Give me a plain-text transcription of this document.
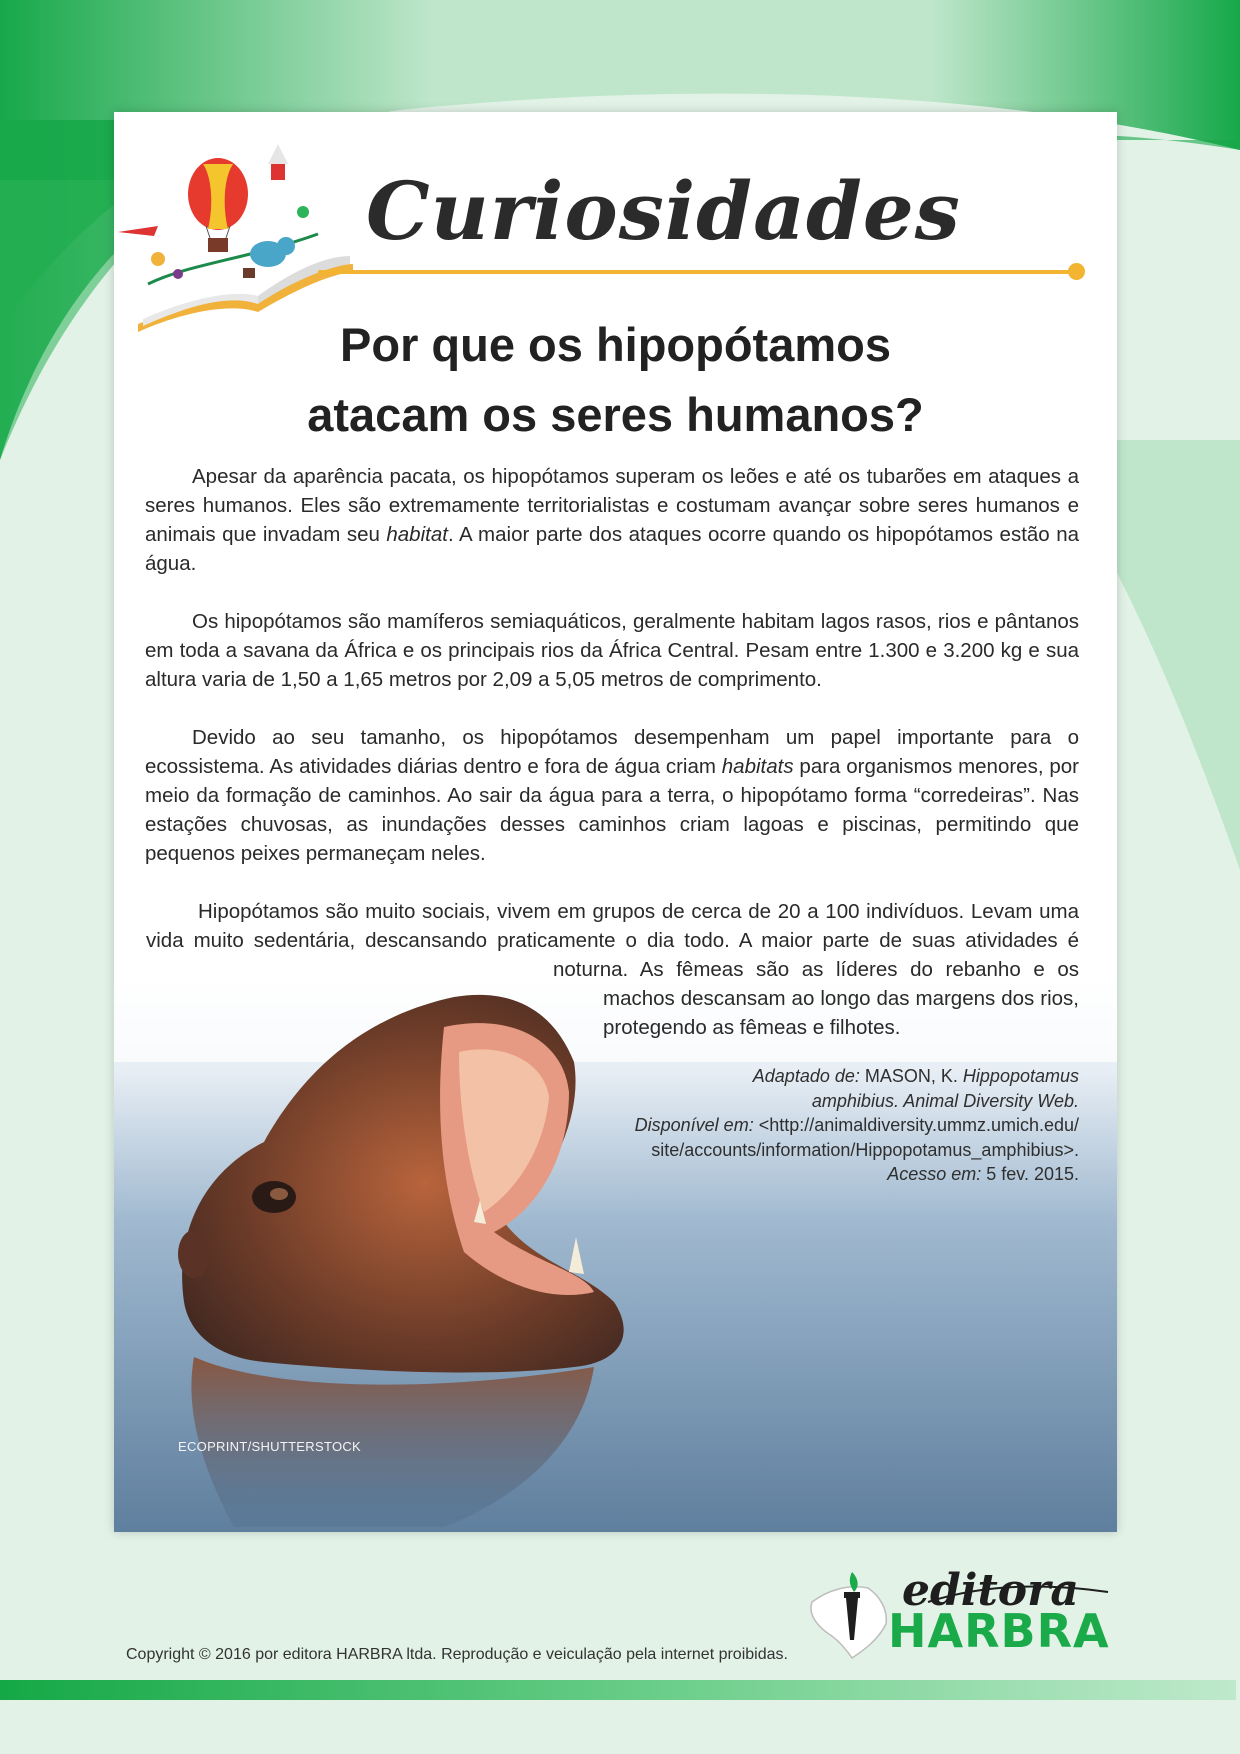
Curiosidades
Por que os hipopótamos
atacam os seres humanos?

Apesar da aparência pacata, os hipopótamos superam os leões e até os tubarões em ataques a seres humanos. Eles são extremamente territorialistas e costumam avançar sobre seres humanos e animais que invadam seu habitat. A maior parte dos ataques ocorre quando os hipopótamos estão na água.

Os hipopótamos são mamíferos semiaquáticos, geralmente habitam lagos rasos, rios e pântanos em toda a savana da África e os principais rios da África Central. Pesam entre 1.300 e 3.200 kg e sua altura varia de 1,50 a 1,65 metros por 2,09 a 5,05 metros de comprimento.

Devido ao seu tamanho, os hipopótamos desempenham um papel importante para o ecossistema. As atividades diárias dentro e fora de água criam habitats para organismos menores, por meio da formação de caminhos. Ao sair da água para a terra, o hipopótamo forma “corredeiras”. Nas estações chuvosas, as inundações desses caminhos criam lagoas e piscinas, permitindo que pequenos peixes permaneçam neles.

Hipopótamos são muito sociais, vivem em grupos de cerca de 20 a 100 indivíduos. Levam uma vida muito sedentária, descansando praticamente o dia todo. A maior parte de suas atividades é noturna. As fêmeas são as líderes do rebanho e os machos descansam ao longo das margens dos rios, protegendo as fêmeas e filhotes.

Adaptado de: MASON, K. Hippopotamus
amphibius. Animal Diversity Web.
Disponível em: <http://animaldiversity.ummz.umich.edu/
site/accounts/information/Hippopotamus_amphibius>.
Acesso em: 5 fev. 2015.
ECOPRINT/SHUTTERSTOCK
editora
HARBRA
Copyright © 2016 por editora HARBRA ltda. Reprodução e veiculação pela internet proibidas.
